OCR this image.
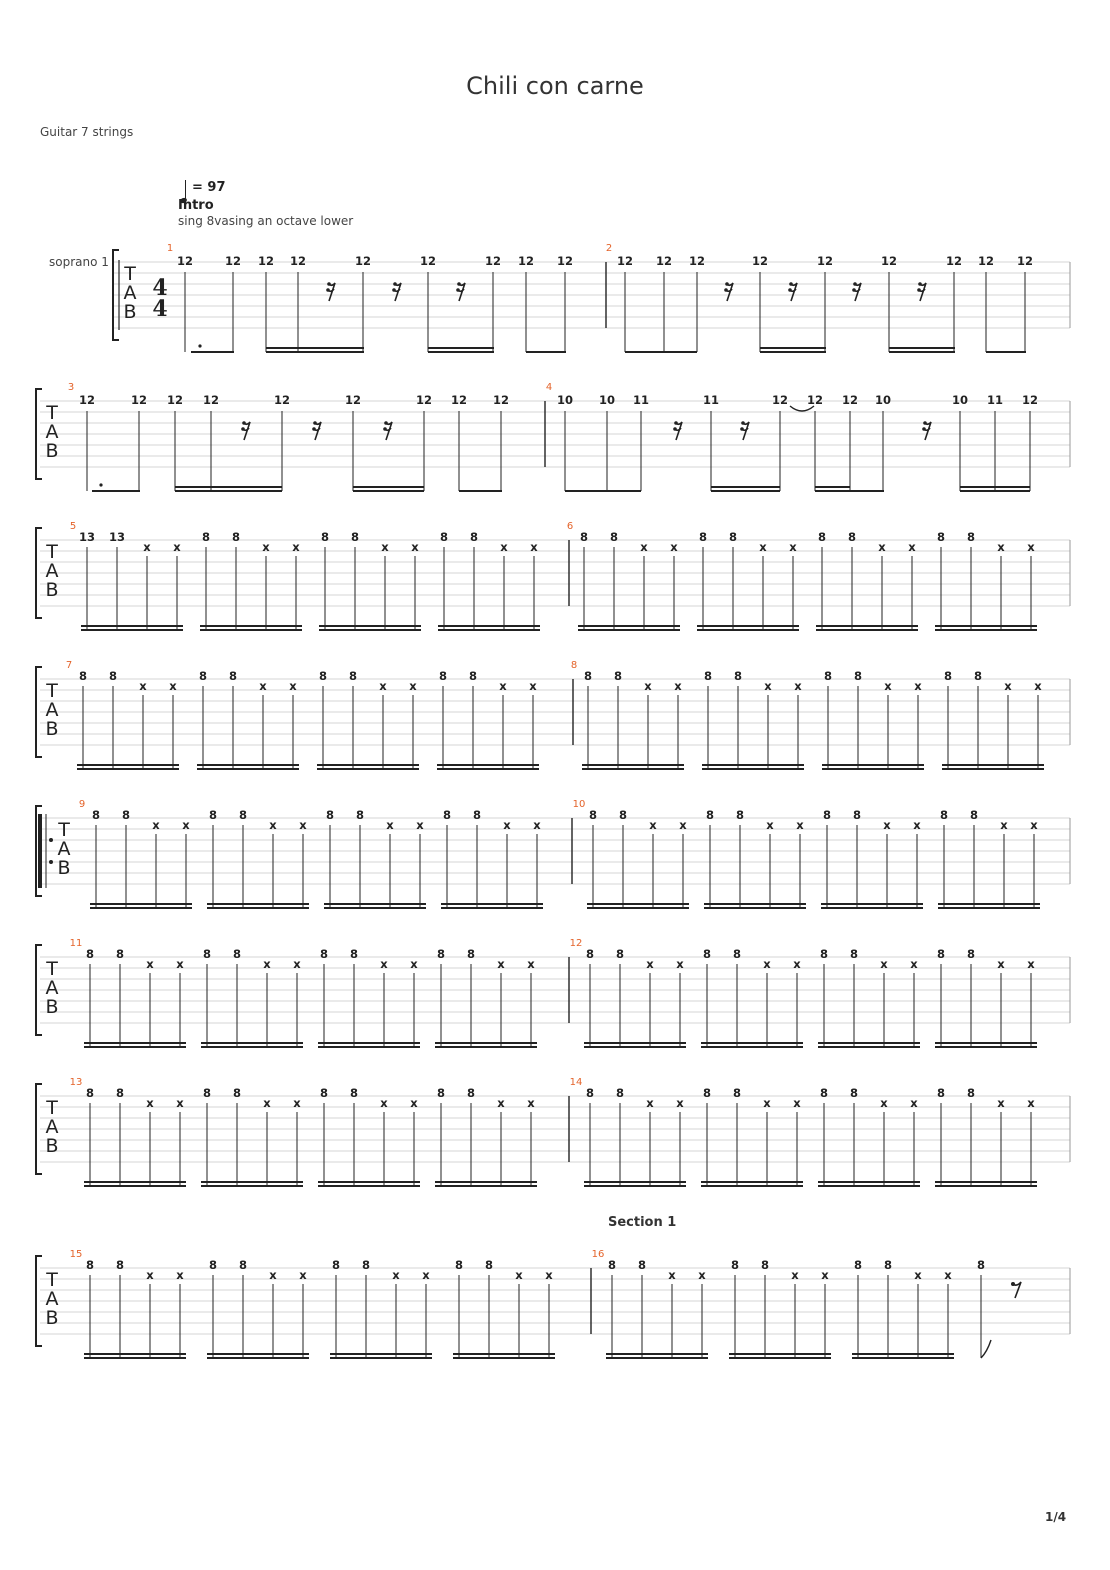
Chili con carne
Guitar 7 strings
= 97
Intro
sing 8vasing an octave lower
soprano 1
Section 1
1/4
T
A
B
4
4
T
A
B
T
A
B
T
A
B
T
A
B
T
A
B
T
A
B
T
A
B
1
12	12 12 12	12	12	12 12 12
2
12 12 12	12	12	12	12 12 12
3
12	12 12 12	12	12	12 12 12
4
10 10 11	11	12 12 12 10	10 11 12
5
13 13
x x
8 8
x x
8 8
x x
8 8
x x
6
8 8
x x
8 8
x x
8 8
x x
8 8
x x
7
8 8
x x
8 8
x x
8 8
x x
8 8
x x
8
8 8
x x
8 8
x x
8 8
x x
8 8
x x
9
8 8
x x
8 8
x x
8 8
x x
8 8
x x
10
8 8
x x
8 8
x x
8 8
x x
8 8
x x
11
8 8
x x
8 8
x x
8 8
x x
8 8
x x
12
8 8
x x
8 8
x x
8 8
x x
8 8
x x
13
8 8
x x
8 8
x x
8 8
x x
8 8
x x
14
8 8
x x
8 8
x x
8 8
x x
8 8
x x
15
8 8
x x
8 8
x x
8 8
x x
8 8
x x
16
8 8
x x
8 8
x x
8 8
x x
8
